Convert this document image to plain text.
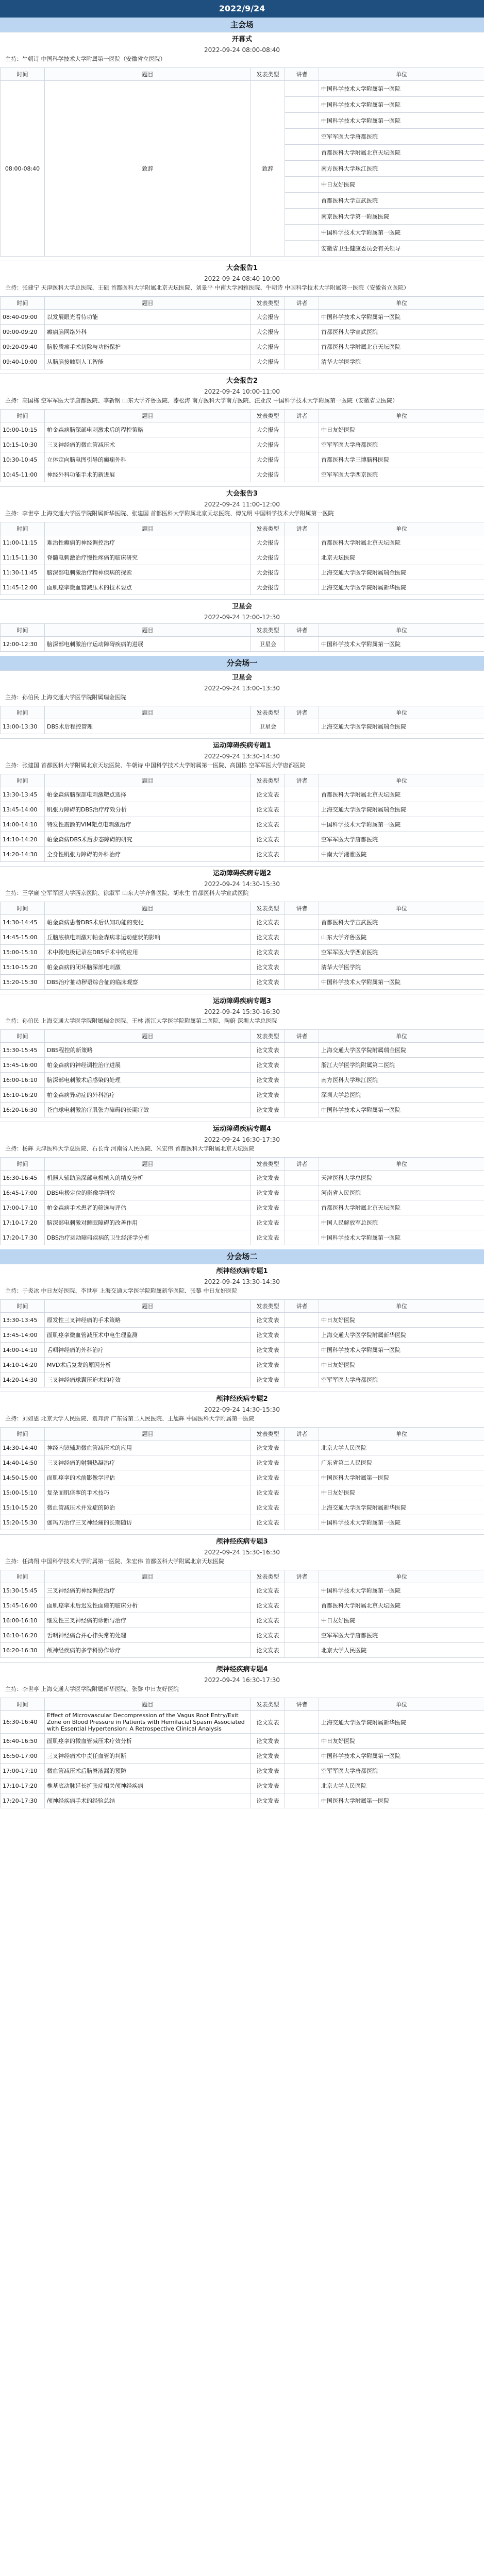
2022/9/24
主会场
开幕式
2022-09-24 08:00-08:40
主持：牛朝诗 中国科学技术大学附属第一医院（安徽省立医院）
时间	题目	发表类型	讲者	单位
08:00-08:40	致辞	致辞		中国科学技术大学附属第一医院
				中国科学技术大学附属第一医院
				中国科学技术大学附属第一医院
				空军军医大学唐都医院
				首都医科大学附属北京天坛医院
				南方医科大学珠江医院
				中日友好医院
				首都医科大学宣武医院
				南京医科大学第一附属医院
				中国科学技术大学附属第一医院
				安徽省卫生健康委员会有关领导
大会报告1
2022-09-24 08:40-10:00
主持：张建宁 天津医科大学总医院、王硕 首都医科大学附属北京天坛医院、刘景平 中南大学湘雅医院、牛朝诗 中国科学技术大学附属第一医院（安徽省立医院）
时间	题目	发表类型	讲者	单位
08:40-09:00	以发展眼光看待功能	大会报告		中国科学技术大学附属第一医院
09:00-09:20	癫痫脑网络外科	大会报告		首都医科大学宣武医院
09:20-09:40	脑胶质瘤手术切除与功能保护	大会报告		首都医科大学附属北京天坛医院
09:40-10:00	从脑脑接触到人工智能	大会报告		清华大学医学院
大会报告2
2022-09-24 10:00-11:00
主持：高国栋 空军军医大学唐都医院、李新钢 山东大学齐鲁医院、漆松涛 南方医科大学南方医院、汪业汉 中国科学技术大学附属第一医院（安徽省立医院）
时间	题目	发表类型	讲者	单位
10:00-10:15	帕金森病脑深部电刺激术后的程控策略	大会报告		中日友好医院
10:15-10:30	三叉神经痛的微血管减压术	大会报告		空军军医大学唐都医院
10:30-10:45	立体定向脑电图引导的癫痫外科	大会报告		首都医科大学三博脑科医院
10:45-11:00	神经外科功能手术的新进展	大会报告		空军军医大学西京医院
大会报告3
2022-09-24 11:00-12:00
主持：李世亭 上海交通大学医学院附属新华医院、张建国 首都医科大学附属北京天坛医院、傅先明 中国科学技术大学附属第一医院
时间	题目	发表类型	讲者	单位
11:00-11:15	难治性癫痫的神经调控治疗	大会报告		首都医科大学附属北京天坛医院
11:15-11:30	脊髓电刺激治疗慢性疼痛的临床研究	大会报告		北京天坛医院
11:30-11:45	脑深部电刺激治疗精神疾病的探索	大会报告		上海交通大学医学院附属瑞金医院
11:45-12:00	面肌痉挛微血管减压术的技术要点	大会报告		上海交通大学医学院附属新华医院
卫星会
2022-09-24 12:00-12:30
时间	题目	发表类型	讲者	单位
12:00-12:30	脑深部电刺激治疗运动障碍疾病的进展	卫星会		中国科学技术大学附属第一医院
分会场一
卫星会
2022-09-24 13:00-13:30
主持：孙伯民 上海交通大学医学院附属瑞金医院
时间	题目	发表类型	讲者	单位
13:00-13:30	DBS术后程控管理	卫星会		上海交通大学医学院附属瑞金医院
运动障碍疾病专题1
2022-09-24 13:30-14:30
主持：张建国 首都医科大学附属北京天坛医院、牛朝诗 中国科学技术大学附属第一医院、高国栋 空军军医大学唐都医院
时间	题目	发表类型	讲者	单位
13:30-13:45	帕金森病脑深部电刺激靶点选择	论文发表		首都医科大学附属北京天坛医院
13:45-14:00	肌张力障碍的DBS治疗疗效分析	论文发表		上海交通大学医学院附属瑞金医院
14:00-14:10	特发性震颤的VIM靶点电刺激治疗	论文发表		中国科学技术大学附属第一医院
14:10-14:20	帕金森病DBS术后步态障碍的研究	论文发表		空军军医大学唐都医院
14:20-14:30	全身性肌张力障碍的外科治疗	论文发表		中南大学湘雅医院
运动障碍疾病专题2
2022-09-24 14:30-15:30
主持：王学廉 空军军医大学西京医院、徐淑军 山东大学齐鲁医院、胡永生 首都医科大学宣武医院
时间	题目	发表类型	讲者	单位
14:30-14:45	帕金森病患者DBS术后认知功能的变化	论文发表		首都医科大学宣武医院
14:45-15:00	丘脑底核电刺激对帕金森病非运动症状的影响	论文发表		山东大学齐鲁医院
15:00-15:10	术中微电极记录在DBS手术中的应用	论文发表		空军军医大学西京医院
15:10-15:20	帕金森病的闭环脑深部电刺激	论文发表		清华大学医学院
15:20-15:30	DBS治疗抽动秽语综合征的临床观察	论文发表		中国科学技术大学附属第一医院
运动障碍疾病专题3
2022-09-24 15:30-16:30
主持：孙伯民 上海交通大学医学院附属瑞金医院、王林 浙江大学医学院附属第二医院、陶蔚 深圳大学总医院
时间	题目	发表类型	讲者	单位
15:30-15:45	DBS程控的新策略	论文发表		上海交通大学医学院附属瑞金医院
15:45-16:00	帕金森病的神经调控治疗进展	论文发表		浙江大学医学院附属第二医院
16:00-16:10	脑深部电刺激术后感染的处理	论文发表		南方医科大学珠江医院
16:10-16:20	帕金森病异动症的外科治疗	论文发表		深圳大学总医院
16:20-16:30	苍白球电刺激治疗肌张力障碍的长期疗效	论文发表		中国科学技术大学附属第一医院
运动障碍疾病专题4
2022-09-24 16:30-17:30
主持：杨辉 天津医科大学总医院、石长青 河南省人民医院、朱宏伟 首都医科大学附属北京天坛医院
时间	题目	发表类型	讲者	单位
16:30-16:45	机器人辅助脑深部电极植入的精度分析	论文发表		天津医科大学总医院
16:45-17:00	DBS电极定位的影像学研究	论文发表		河南省人民医院
17:00-17:10	帕金森病手术患者的筛选与评估	论文发表		首都医科大学附属北京天坛医院
17:10-17:20	脑深部电刺激对睡眠障碍的改善作用	论文发表		中国人民解放军总医院
17:20-17:30	DBS治疗运动障碍疾病的卫生经济学分析	论文发表		中国科学技术大学附属第一医院
分会场二
颅神经疾病专题1
2022-09-24 13:30-14:30
主持：于炎冰 中日友好医院、李世亭 上海交通大学医学院附属新华医院、张黎 中日友好医院
时间	题目	发表类型	讲者	单位
13:30-13:45	原发性三叉神经痛的手术策略	论文发表		中日友好医院
13:45-14:00	面肌痉挛微血管减压术中电生理监测	论文发表		上海交通大学医学院附属新华医院
14:00-14:10	舌咽神经痛的外科治疗	论文发表		中国科学技术大学附属第一医院
14:10-14:20	MVD术后复发的原因分析	论文发表		中日友好医院
14:20-14:30	三叉神经痛球囊压迫术的疗效	论文发表		空军军医大学唐都医院
颅神经疾病专题2
2022-09-24 14:30-15:30
主持：刘如恩 北京大学人民医院、袁邦清 广东省第二人民医院、王旭辉 中国医科大学附属第一医院
时间	题目	发表类型	讲者	单位
14:30-14:40	神经内镜辅助微血管减压术的应用	论文发表		北京大学人民医院
14:40-14:50	三叉神经痛的射频热凝治疗	论文发表		广东省第二人民医院
14:50-15:00	面肌痉挛的术前影像学评估	论文发表		中国医科大学附属第一医院
15:00-15:10	复杂面肌痉挛的手术技巧	论文发表		中日友好医院
15:10-15:20	微血管减压术并发症的防治	论文发表		上海交通大学医学院附属新华医院
15:20-15:30	伽玛刀治疗三叉神经痛的长期随访	论文发表		中国科学技术大学附属第一医院
颅神经疾病专题3
2022-09-24 15:30-16:30
主持：任鸿翔 中国科学技术大学附属第一医院、朱宏伟 首都医科大学附属北京天坛医院
时间	题目	发表类型	讲者	单位
15:30-15:45	三叉神经痛的神经调控治疗	论文发表		中国科学技术大学附属第一医院
15:45-16:00	面肌痉挛术后迟发性面瘫的临床分析	论文发表		首都医科大学附属北京天坛医院
16:00-16:10	继发性三叉神经痛的诊断与治疗	论文发表		中日友好医院
16:10-16:20	舌咽神经痛合并心律失常的处理	论文发表		空军军医大学唐都医院
16:20-16:30	颅神经疾病的多学科协作诊疗	论文发表		北京大学人民医院
颅神经疾病专题4
2022-09-24 16:30-17:30
主持：李世亭 上海交通大学医学院附属新华医院、张黎 中日友好医院
时间	题目	发表类型	讲者	单位
16:30-16:40	Effect of Microvascular Decompression of the Vagus Root Entry/Exit Zone on Blood Pressure in Patients with Hemifacial Spasm Associated with Essential Hypertension: A Retrospective Clinical Analysis	论文发表		上海交通大学医学院附属新华医院
16:40-16:50	面肌痉挛的微血管减压术疗效分析	论文发表		中日友好医院
16:50-17:00	三叉神经痛术中责任血管的判断	论文发表		中国科学技术大学附属第一医院
17:00-17:10	微血管减压术后脑脊液漏的预防	论文发表		空军军医大学唐都医院
17:10-17:20	椎基底动脉延长扩张症相关颅神经疾病	论文发表		北京大学人民医院
17:20-17:30	颅神经疾病手术的经验总结	论文发表		中国医科大学附属第一医院
